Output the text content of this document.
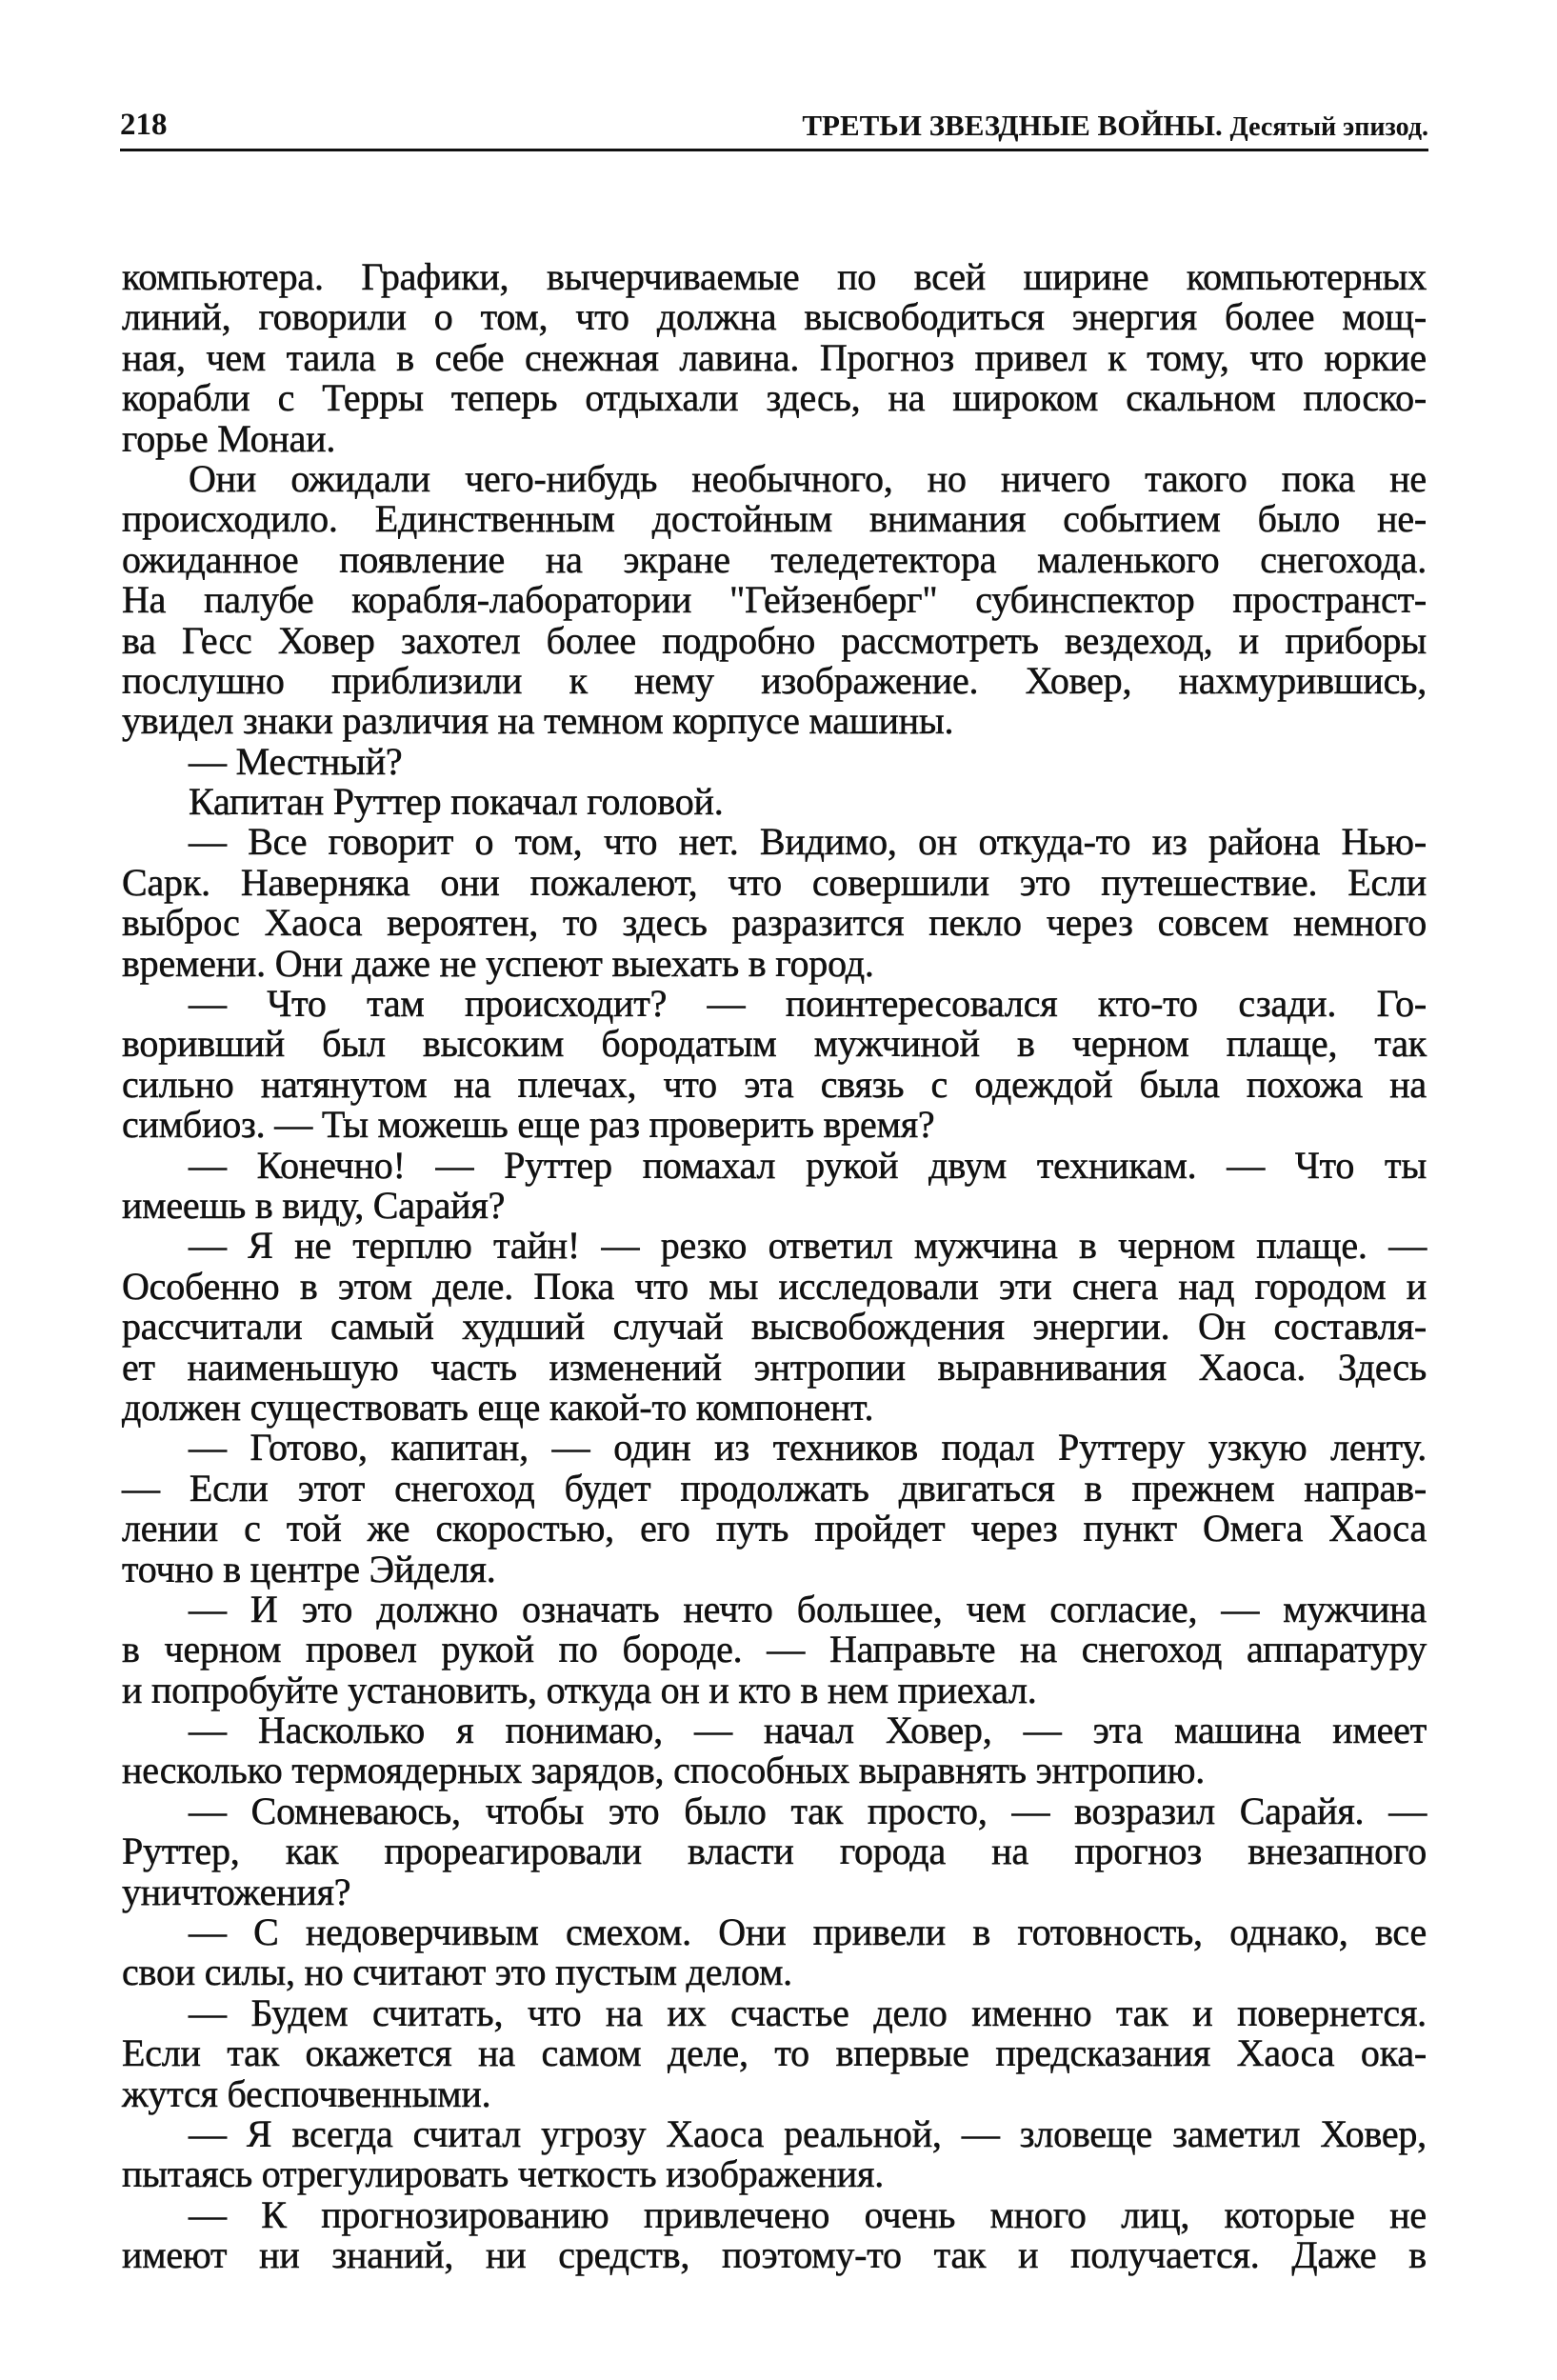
218	ТРЕТЬИ ЗВЕЗДНЫЕ ВОЙНЫ. Десятый эпизод.
компьютера. Графики, вычерчиваемые по всей ширине компьютерных
линий, говорили о том, что должна высвободиться энергия более мощ-
ная, чем таила в себе снежная лавина. Прогноз привел к тому, что юркие
корабли с Терры теперь отдыхали здесь, на широком скальном плоско-
горье Монаи.
Они ожидали чего-нибудь необычного, но ничего такого пока не
происходило. Единственным достойным внимания событием было не-
ожиданное появление на экране теледетектора маленького снегохода.
На палубе корабля-лаборатории "Гейзенберг" субинспектор пространст-
ва Гесс Ховер захотел более подробно рассмотреть вездеход, и приборы
послушно приблизили к нему изображение. Ховер, нахмурившись,
увидел знаки различия на темном корпусе машины.
— Местный?
Капитан Руттер покачал головой.
— Все говорит о том, что нет. Видимо, он откуда-то из района Нью-
Сарк. Наверняка они пожалеют, что совершили это путешествие. Если
выброс Хаоса вероятен, то здесь разразится пекло через совсем немного
времени. Они даже не успеют выехать в город.
— Что там происходит? — поинтересовался кто-то сзади. Го-
воривший был высоким бородатым мужчиной в черном плаще, так
сильно натянутом на плечах, что эта связь с одеждой была похожа на
симбиоз. — Ты можешь еще раз проверить время?
— Конечно! — Руттер помахал рукой двум техникам. — Что ты
имеешь в виду, Сарайя?
— Я не терплю тайн! — резко ответил мужчина в черном плаще. —
Особенно в этом деле. Пока что мы исследовали эти снега над городом и
рассчитали самый худший случай высвобождения энергии. Он составля-
ет наименьшую часть изменений энтропии выравнивания Хаоса. Здесь
должен существовать еще какой-то компонент.
— Готово, капитан, — один из техников подал Руттеру узкую ленту.
— Если этот снегоход будет продолжать двигаться в прежнем направ-
лении с той же скоростью, его путь пройдет через пункт Омега Хаоса
точно в центре Эйделя.
— И это должно означать нечто большее, чем согласие, — мужчина
в черном провел рукой по бороде. — Направьте на снегоход аппаратуру
и попробуйте установить, откуда он и кто в нем приехал.
— Насколько я понимаю, — начал Ховер, — эта машина имеет
несколько термоядерных зарядов, способных выравнять энтропию.
— Сомневаюсь, чтобы это было так просто, — возразил Сарайя. —
Руттер, как прореагировали власти города на прогноз внезапного
уничтожения?
— С недоверчивым смехом. Они привели в готовность, однако, все
свои силы, но считают это пустым делом.
— Будем считать, что на их счастье дело именно так и повернется.
Если так окажется на самом деле, то впервые предсказания Хаоса ока-
жутся беспочвенными.
— Я всегда считал угрозу Хаоса реальной, — зловеще заметил Ховер,
пытаясь отрегулировать четкость изображения.
— К прогнозированию привлечено очень много лиц, которые не
имеют ни знаний, ни средств, поэтому-то так и получается. Даже в
